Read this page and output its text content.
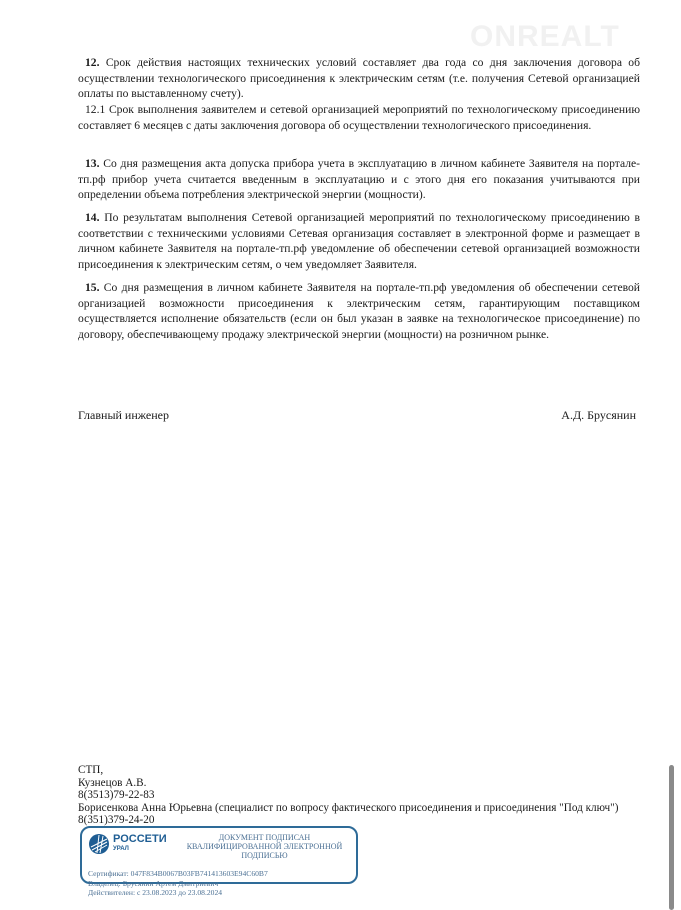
ONREALT
12. Срок действия настоящих технических условий составляет два года со дня заключения договора об осуществлении технологического присоединения к электрическим сетям (т.е. получения Сетевой организацией оплаты по выставленному счету).
12.1 Срок выполнения заявителем и сетевой организацией мероприятий по технологическому присоединению составляет 6 месяцев с даты заключения договора об осуществлении технологического присоединения.
13. Со дня размещения акта допуска прибора учета в эксплуатацию в личном кабинете Заявителя на портале-тп.рф прибор учета считается введенным в эксплуатацию и с этого дня его показания учитываются при определении объема потребления электрической энергии (мощности).
14. По результатам выполнения Сетевой организацией мероприятий по технологическому присоединению в соответствии с техническими условиями Сетевая организация составляет в электронной форме и размещает в личном кабинете Заявителя на портале-тп.рф уведомление об обеспечении сетевой организацией возможности присоединения к электрическим сетям, о чем уведомляет Заявителя.
15. Со дня размещения в личном кабинете Заявителя на портале-тп.рф уведомления об обеспечении сетевой организацией возможности присоединения к электрическим сетям, гарантирующим поставщиком осуществляется исполнение обязательств (если он был указан в заявке на технологическое присоединение) по договору, обеспечивающему продажу электрической энергии (мощности) на розничном рынке.
Главный инженер	А.Д. Брусянин
СТП,
Кузнецов А.В.
8(3513)79-22-83
Борисенкова Анна Юрьевна (специалист по вопросу фактического присоединения и присоединения "Под ключ")
8(351)379-24-20
РОССЕТИ
УРАЛ
ДОКУМЕНТ ПОДПИСАН
КВАЛИФИЦИРОВАННОЙ ЭЛЕКТРОННОЙ
ПОДПИСЬЮ
Сертификат: 047F834B0067B03FB741413603E94C60B7
Владелец: Брусянин Артем Дмитриевич
Действителен: с 23.08.2023 до 23.08.2024
